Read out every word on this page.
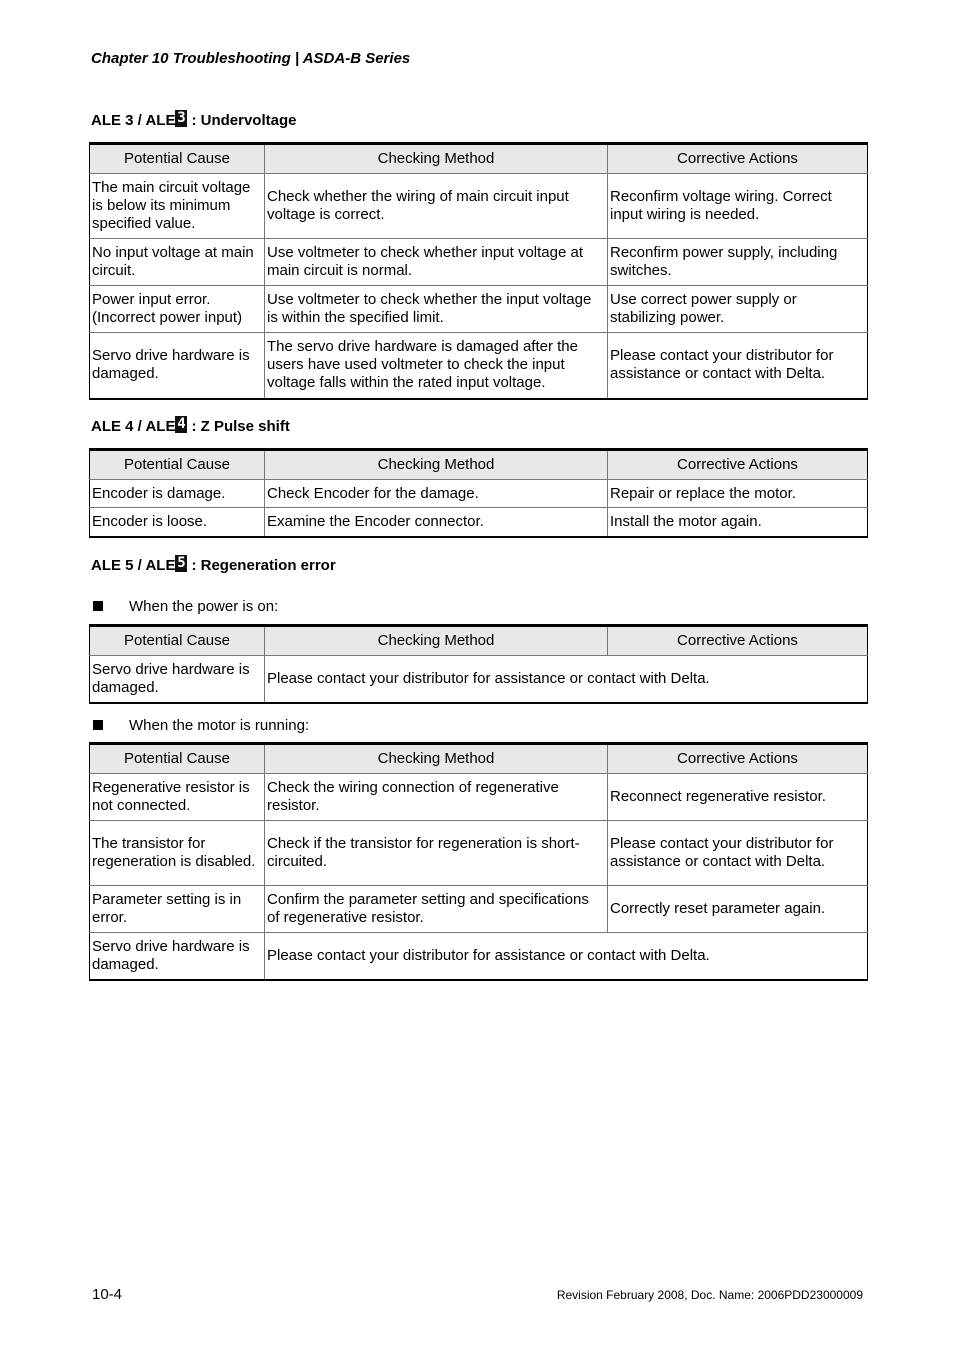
Chapter 10 Troubleshooting | ASDA-B Series
ALE 3 / ALE 3 : Undervoltage
Potential Cause	Checking Method	Corrective Actions
The main circuit voltage is below its minimum specified value.	Check whether the wiring of main circuit input voltage is correct.	Reconfirm voltage wiring. Correct input wiring is needed.
No input voltage at main circuit.	Use voltmeter to check whether input voltage at main circuit is normal.	Reconfirm power supply, including switches.
Power input error. (Incorrect power input)	Use voltmeter to check whether the input voltage is within the specified limit.	Use correct power supply or stabilizing power.
Servo drive hardware is damaged.	The servo drive hardware is damaged after the users have used voltmeter to check the input voltage falls within the rated input voltage.	Please contact your distributor for assistance or contact with Delta.
ALE 4 / ALE 4 : Z Pulse shift
Potential Cause	Checking Method	Corrective Actions
Encoder is damage.	Check Encoder for the damage.	Repair or replace the motor.
Encoder is loose.	Examine the Encoder connector.	Install the motor again.
ALE 5 / ALE 5 : Regeneration error
When the power is on:
Potential Cause	Checking Method	Corrective Actions
Servo drive hardware is damaged.	Please contact your distributor for assistance or contact with Delta.	
When the motor is running:
Potential Cause	Checking Method	Corrective Actions
Regenerative resistor is not connected.	Check the wiring connection of regenerative resistor.	Reconnect regenerative resistor.
The transistor for regeneration is disabled.	Check if the transistor for regeneration is short-circuited.	Please contact your distributor for assistance or contact with Delta.
Parameter setting is in error.	Confirm the parameter setting and specifications of regenerative resistor.	Correctly reset parameter again.
Servo drive hardware is damaged.	Please contact your distributor for assistance or contact with Delta.	
10-4	Revision February 2008, Doc. Name: 2006PDD23000009
